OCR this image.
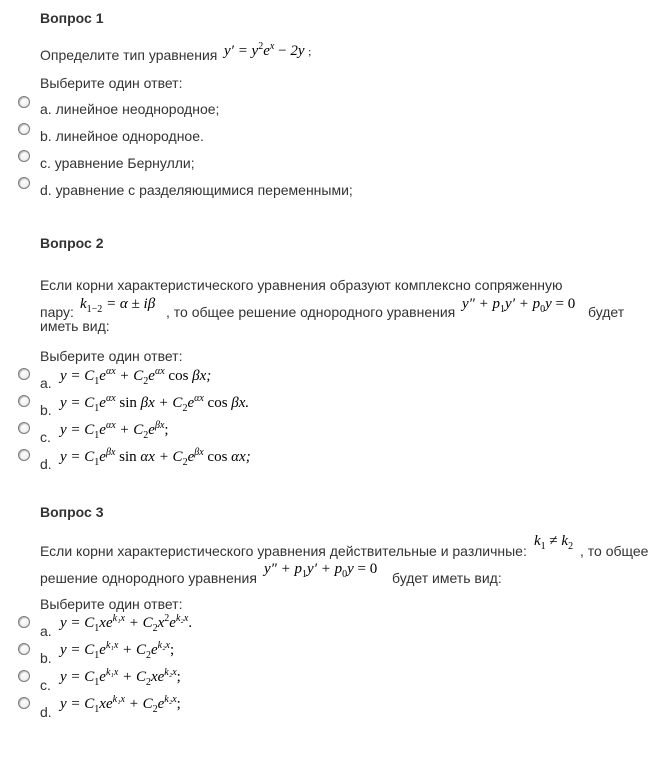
Вопрос 1
Определите тип уравнения $y' = y^2e^x - 2y$ ;
Выберите один ответ:
a. линейное неоднородное;
b. линейное однородное.
c. уравнение Бернулли;
d. уравнение с разделяющимися переменными;
Вопрос 2
Если корни характеристического уравнения образуют комплексно сопряженную
пару: $k_{1-2} = \alpha \pm i\beta$ , то общее решение однородного уравнения $y'' + p_1y' + p_0y = 0$ будет
иметь вид:
Выберите один ответ:
a. $y = C_1e^{\alpha x} + C_2e^{\alpha x}$ cos βx;
b. $y = C_1e^{\alpha x}$ $\sin \beta x + C_2e^{\alpha x}$ cos βx.
c. $y = C_1e^{\alpha x} + C_2e^{\beta x}$;
d. $y = C_1e^{\beta x}$ $\sin \alpha x + C_2e^{\beta x}$ cos αx;
Вопрос 3
Если корни характеристического уравнения действительные и различные:
$k_1 \ne k_2$ , то общее
решение однородного уравнения
$y'' + p_1y' + p_0y = 0$
будет иметь вид:
Выберите один ответ:
a. $y = C_1xe^{k_1x} + C_2x^2e^{k_2x}$.
b. $y = C_1e^{k_1x} + C_2e^{k_2x}$;
c. $y = C_1e^{k_1x} + C_2xe^{k_2x}$;
d. $y = C_1xe^{k_1x} + C_2e^{k_2x}$;
